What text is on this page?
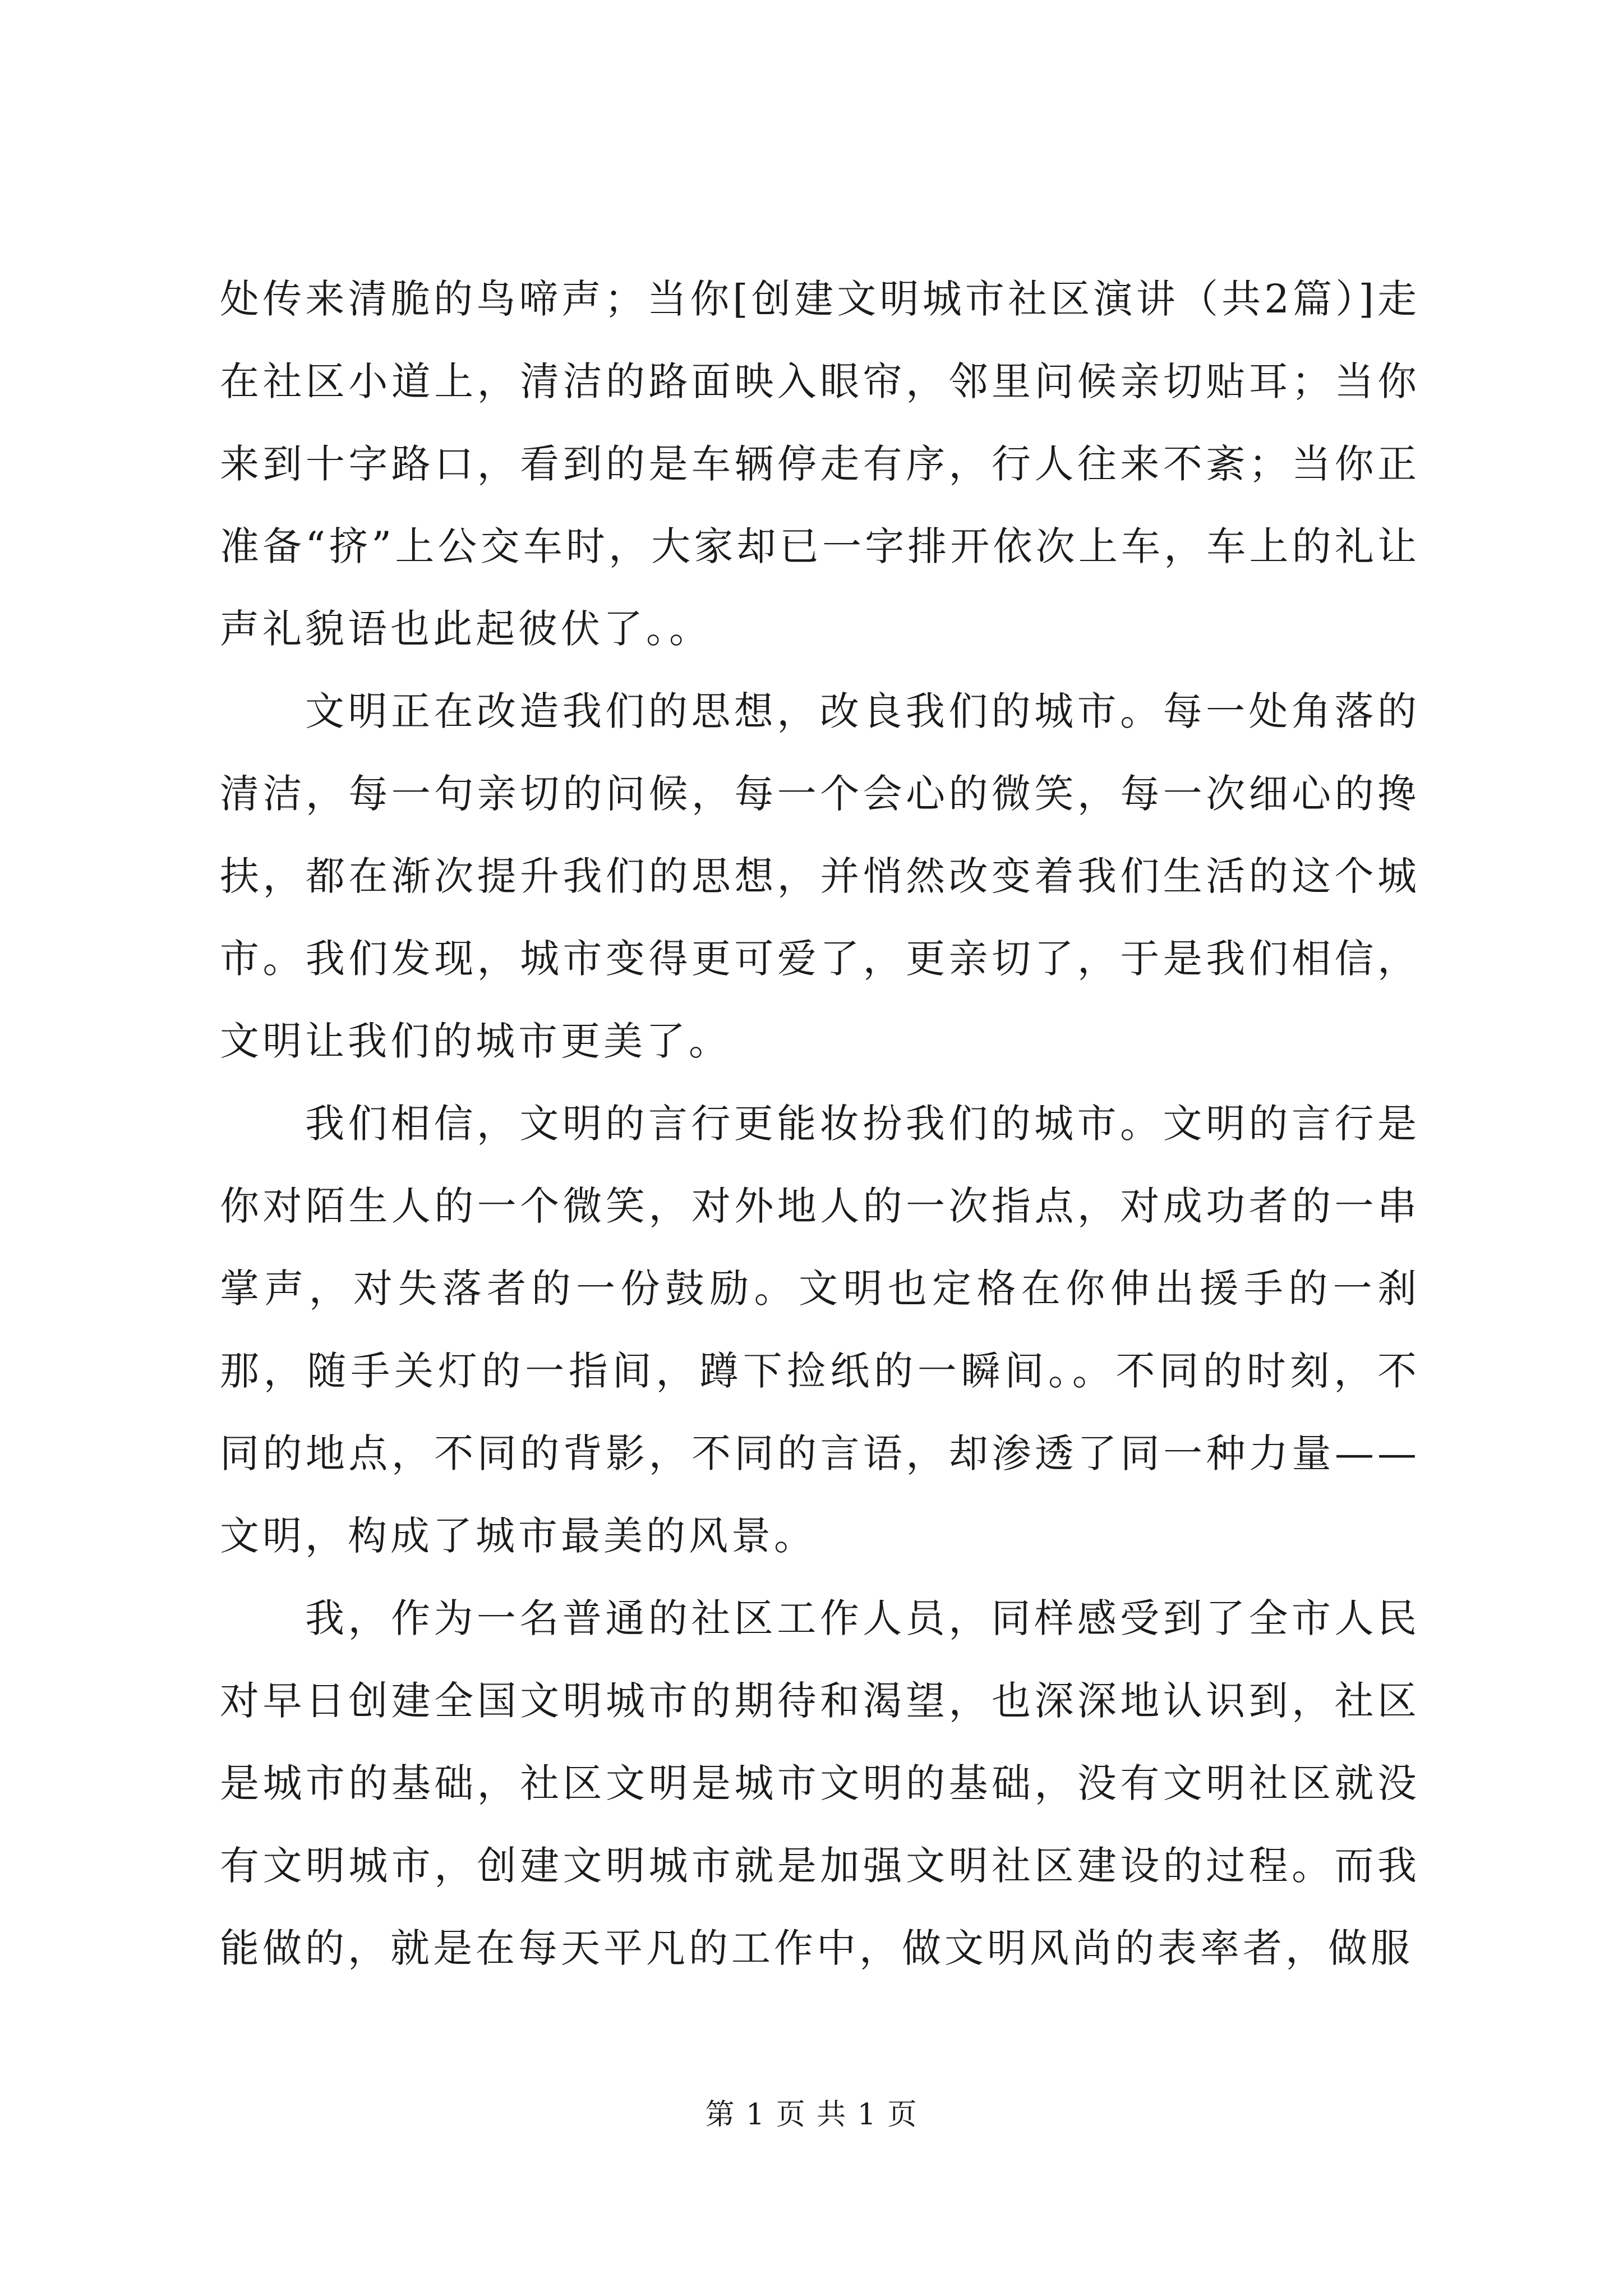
处传来清脆的鸟啼声；当你[创建文明城市社区演讲（共2篇）]走在社区小道上，清洁的路面映入眼帘，邻里问候亲切贴耳；当你来到十字路口，看到的是车辆停走有序，行人往来不紊；当你正准备“挤”上公交车时，大家却已一字排开依次上车，车上的礼让声礼貌语也此起彼伏了。。

文明正在改造我们的思想，改良我们的城市。每一处角落的清洁，每一句亲切的问候，每一个会心的微笑，每一次细心的搀扶，都在渐次提升我们的思想，并悄然改变着我们生活的这个城市。我们发现，城市变得更可爱了，更亲切了，于是我们相信，文明让我们的城市更美了。

我们相信，文明的言行更能妆扮我们的城市。文明的言行是你对陌生人的一个微笑，对外地人的一次指点，对成功者的一串掌声，对失落者的一份鼓励。文明也定格在你伸出援手的一刹那，随手关灯的一指间，蹲下捡纸的一瞬间。。不同的时刻，不同的地点，不同的背影，不同的言语，却渗透了同一种力量——文明，构成了城市最美的风景。

我，作为一名普通的社区工作人员，同样感受到了全市人民对早日创建全国文明城市的期待和渴望，也深深地认识到，社区是城市的基础，社区文明是城市文明的基础，没有文明社区就没有文明城市，创建文明城市就是加强文明社区建设的过程。而我能做的，就是在每天平凡的工作中，做文明风尚的表率者，做服

第 1 页 共 1 页
